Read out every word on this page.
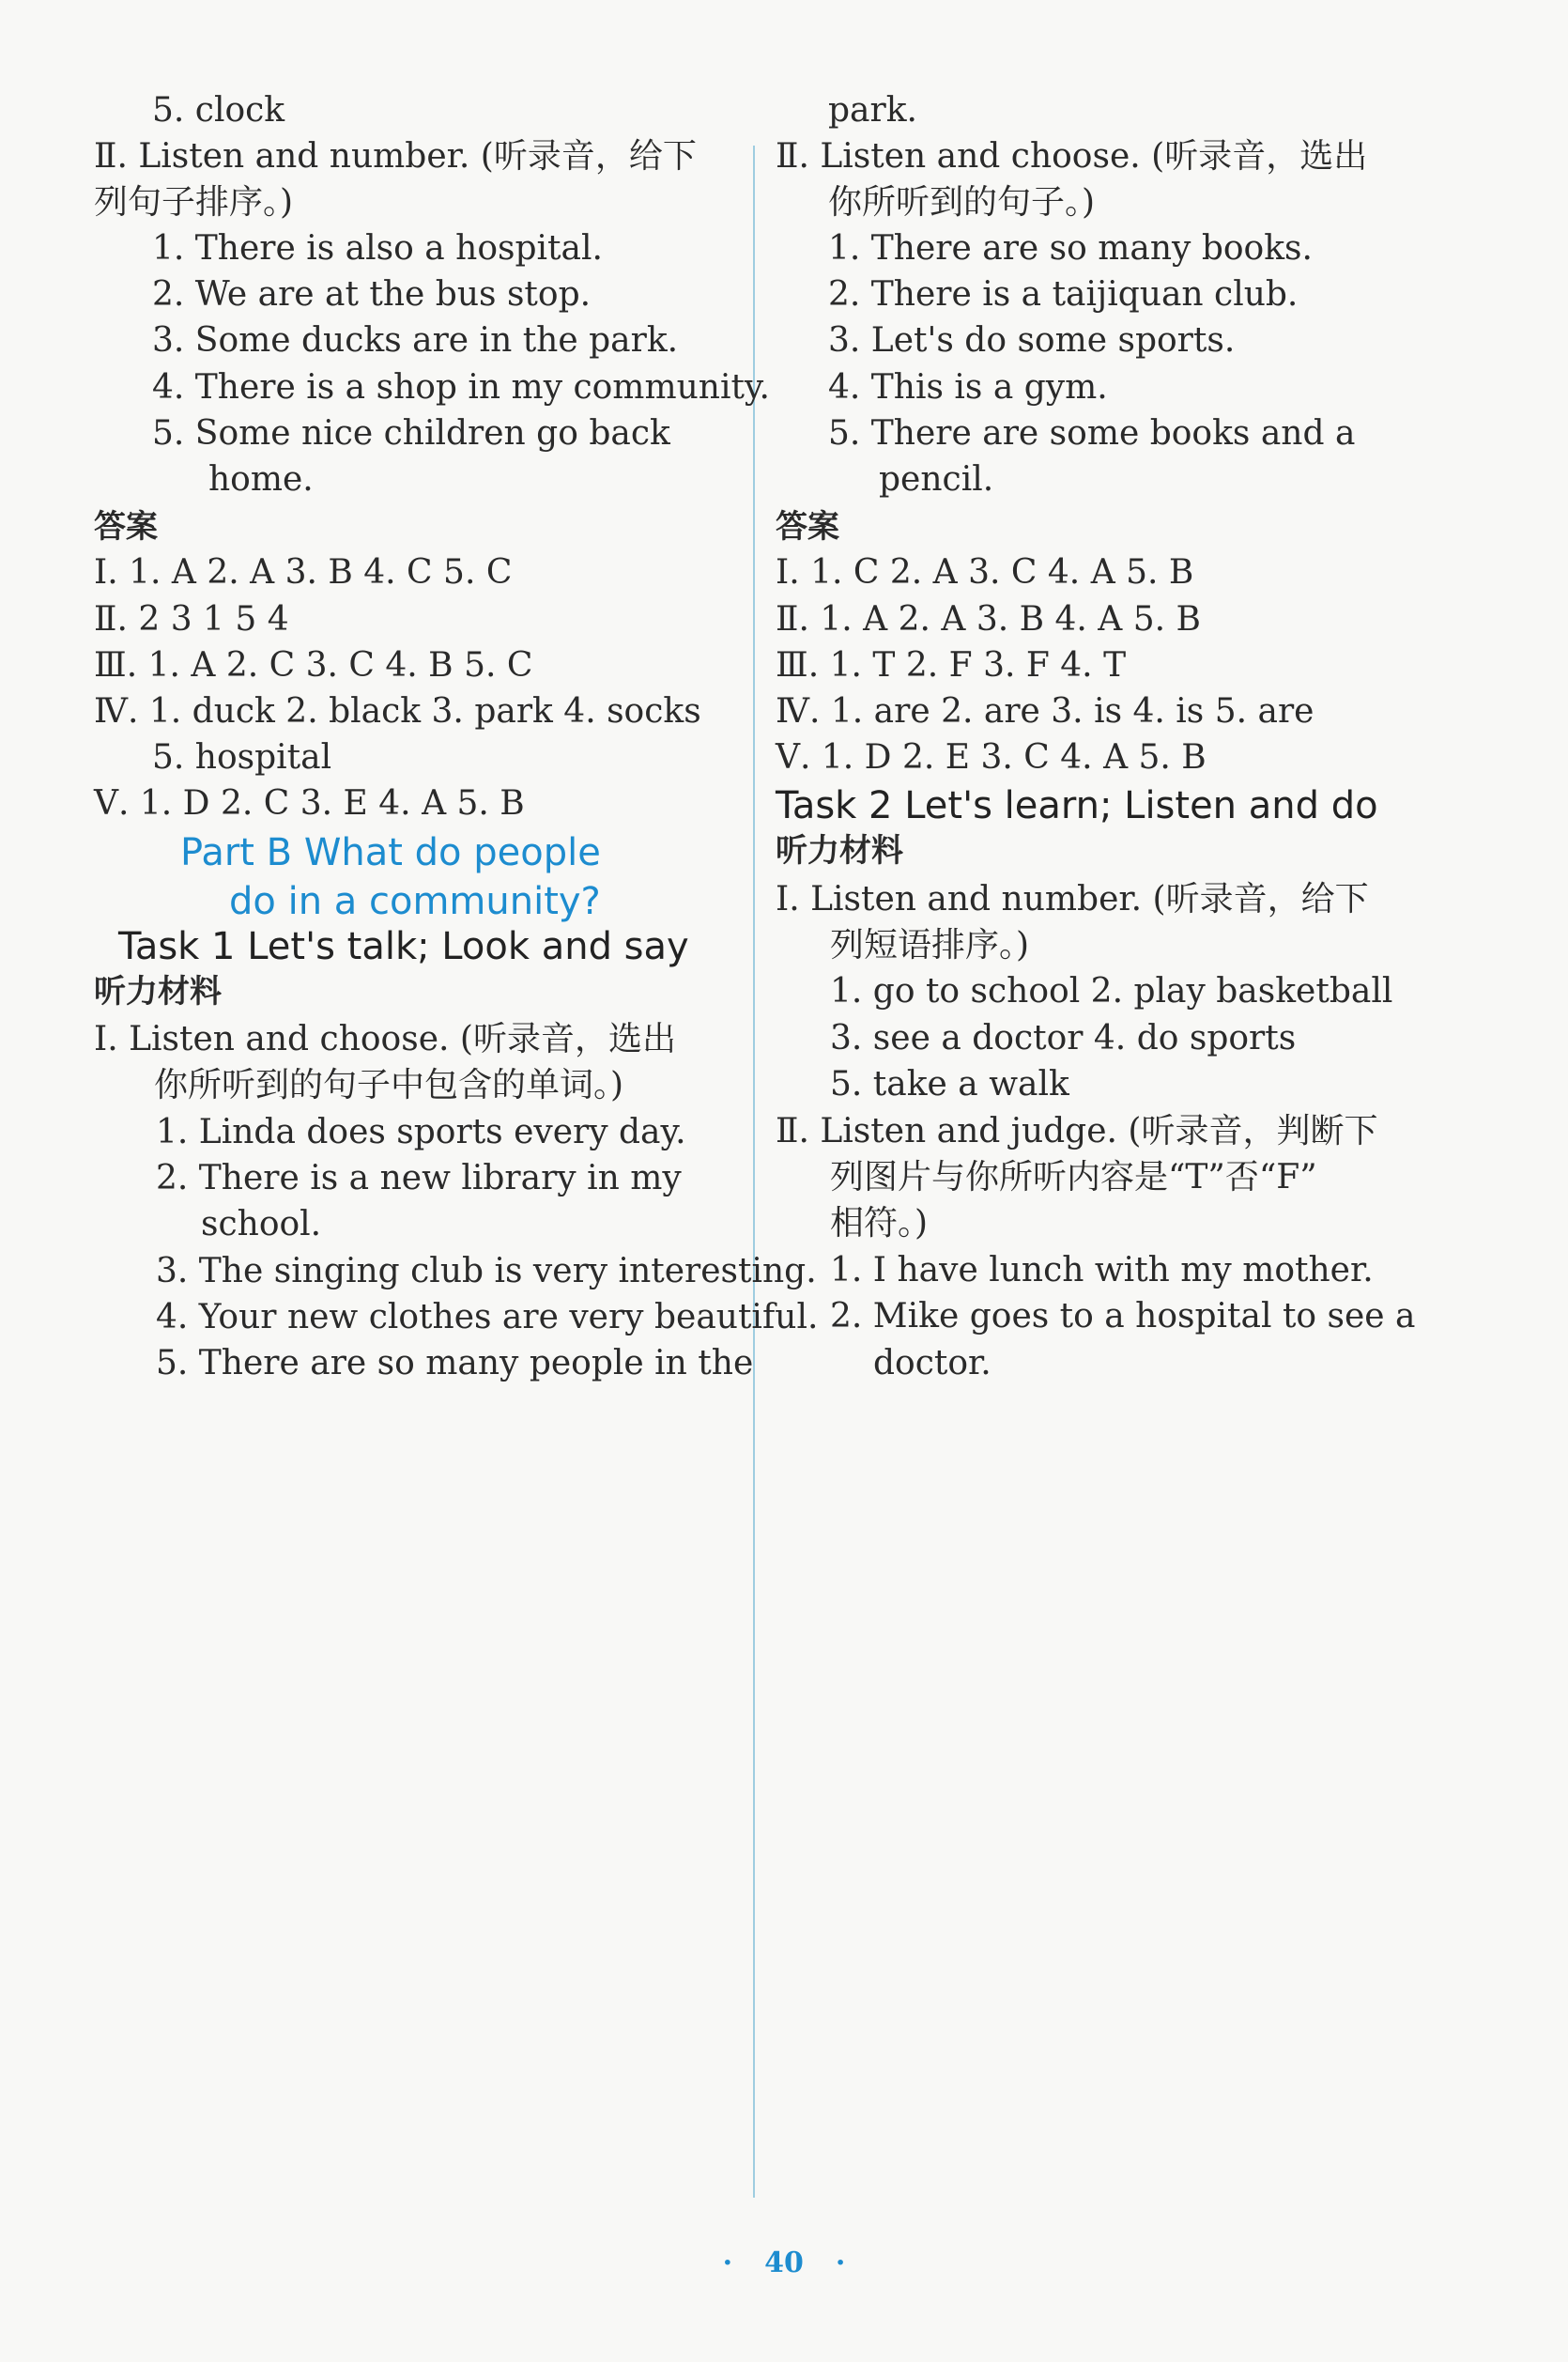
5. clock
Ⅱ. Listen and number. (听录音，给下
列句子排序。)
1. There is also a hospital.
2. We are at the bus stop.
3. Some ducks are in the park.
4. There is a shop in my community.
5. Some nice children go back
home.
答案
Ⅰ. 1. A 2. A 3. B 4. C 5. C
Ⅱ. 2 3 1 5 4
Ⅲ. 1. A 2. C 3. C 4. B 5. C
Ⅳ. 1. duck 2. black 3. park 4. socks
5. hospital
Ⅴ. 1. D 2. C 3. E 4. A 5. B
Part B What do people
do in a community?
Task 1 Let's talk; Look and say
听力材料
Ⅰ. Listen and choose. (听录音，选出
你所听到的句子中包含的单词。)
1. Linda does sports every day.
2. There is a new library in my
school.
3. The singing club is very interesting.
4. Your new clothes are very beautiful.
5. There are so many people in the
park.
Ⅱ. Listen and choose. (听录音，选出
你所听到的句子。)
1. There are so many books.
2. There is a taijiquan club.
3. Let's do some sports.
4. This is a gym.
5. There are some books and a
pencil.
答案
Ⅰ. 1. C 2. A 3. C 4. A 5. B
Ⅱ. 1. A 2. A 3. B 4. A 5. B
Ⅲ. 1. T 2. F 3. F 4. T
Ⅳ. 1. are 2. are 3. is 4. is 5. are
Ⅴ. 1. D 2. E 3. C 4. A 5. B
Task 2 Let's learn; Listen and do
听力材料
Ⅰ. Listen and number. (听录音，给下
列短语排序。)
1. go to school 2. play basketball
3. see a doctor 4. do sports
5. take a walk
Ⅱ. Listen and judge. (听录音，判断下
列图片与你所听内容是“T”否“F”
相符。)
1. I have lunch with my mother.
2. Mike goes to a hospital to see a
doctor.
· 40 ·
